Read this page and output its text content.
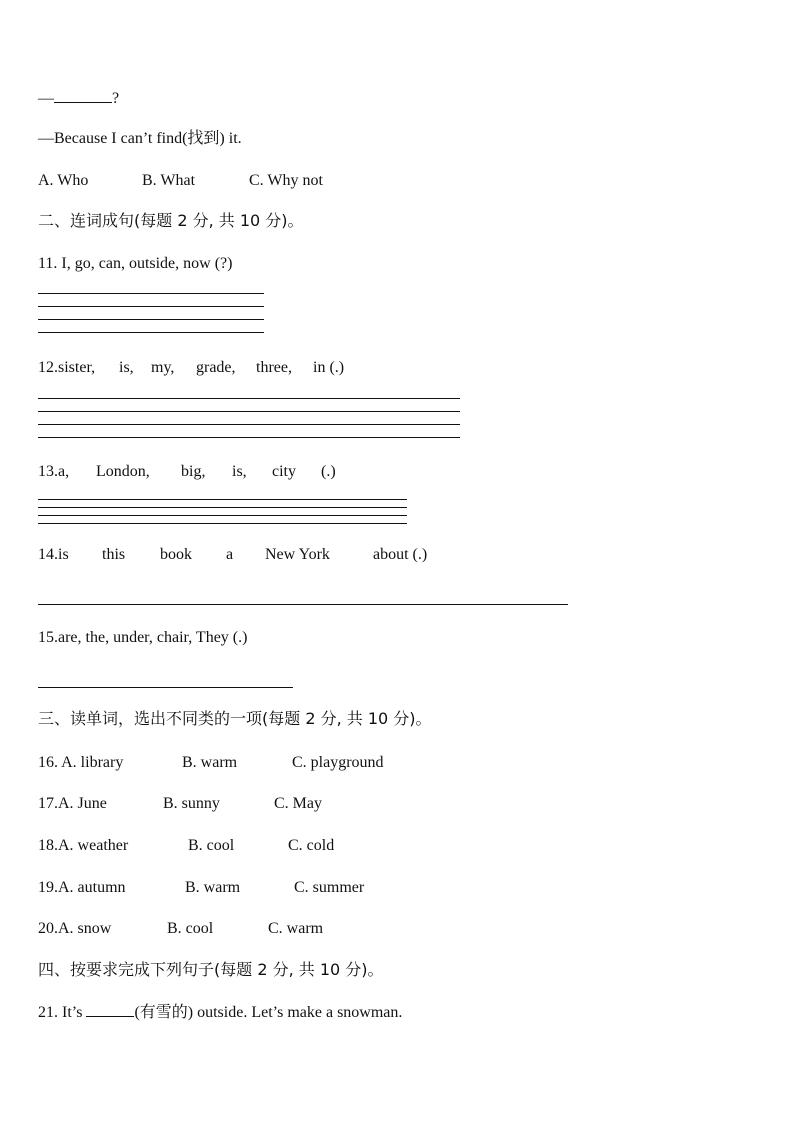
—	?
—Because I can’t find(找到) it.
A. Who	B. What	C. Why not
二、连词成句(每题 2 分, 共 10 分)。
11. I, go, can, outside, now (?)
12.sister, is, my, grade, three, in (.)
13.a, London, big, is, city (.)
14.is this book a New York	about (.)
15.are, the, under, chair, They (.)
三、读单词，选出不同类的一项(每题 2 分, 共 10 分)。
16. A. library	B. warm	C. playground
17.A. June	B. sunny	C. May
18.A. weather	B. cool	C. cold
19.A. autumn	B. warm	C. summer
20.A. snow	B. cool	C. warm
四、按要求完成下列句子(每题 2 分, 共 10 分)。
21. It’s	(有雪的) outside. Let’s make a snowman.
